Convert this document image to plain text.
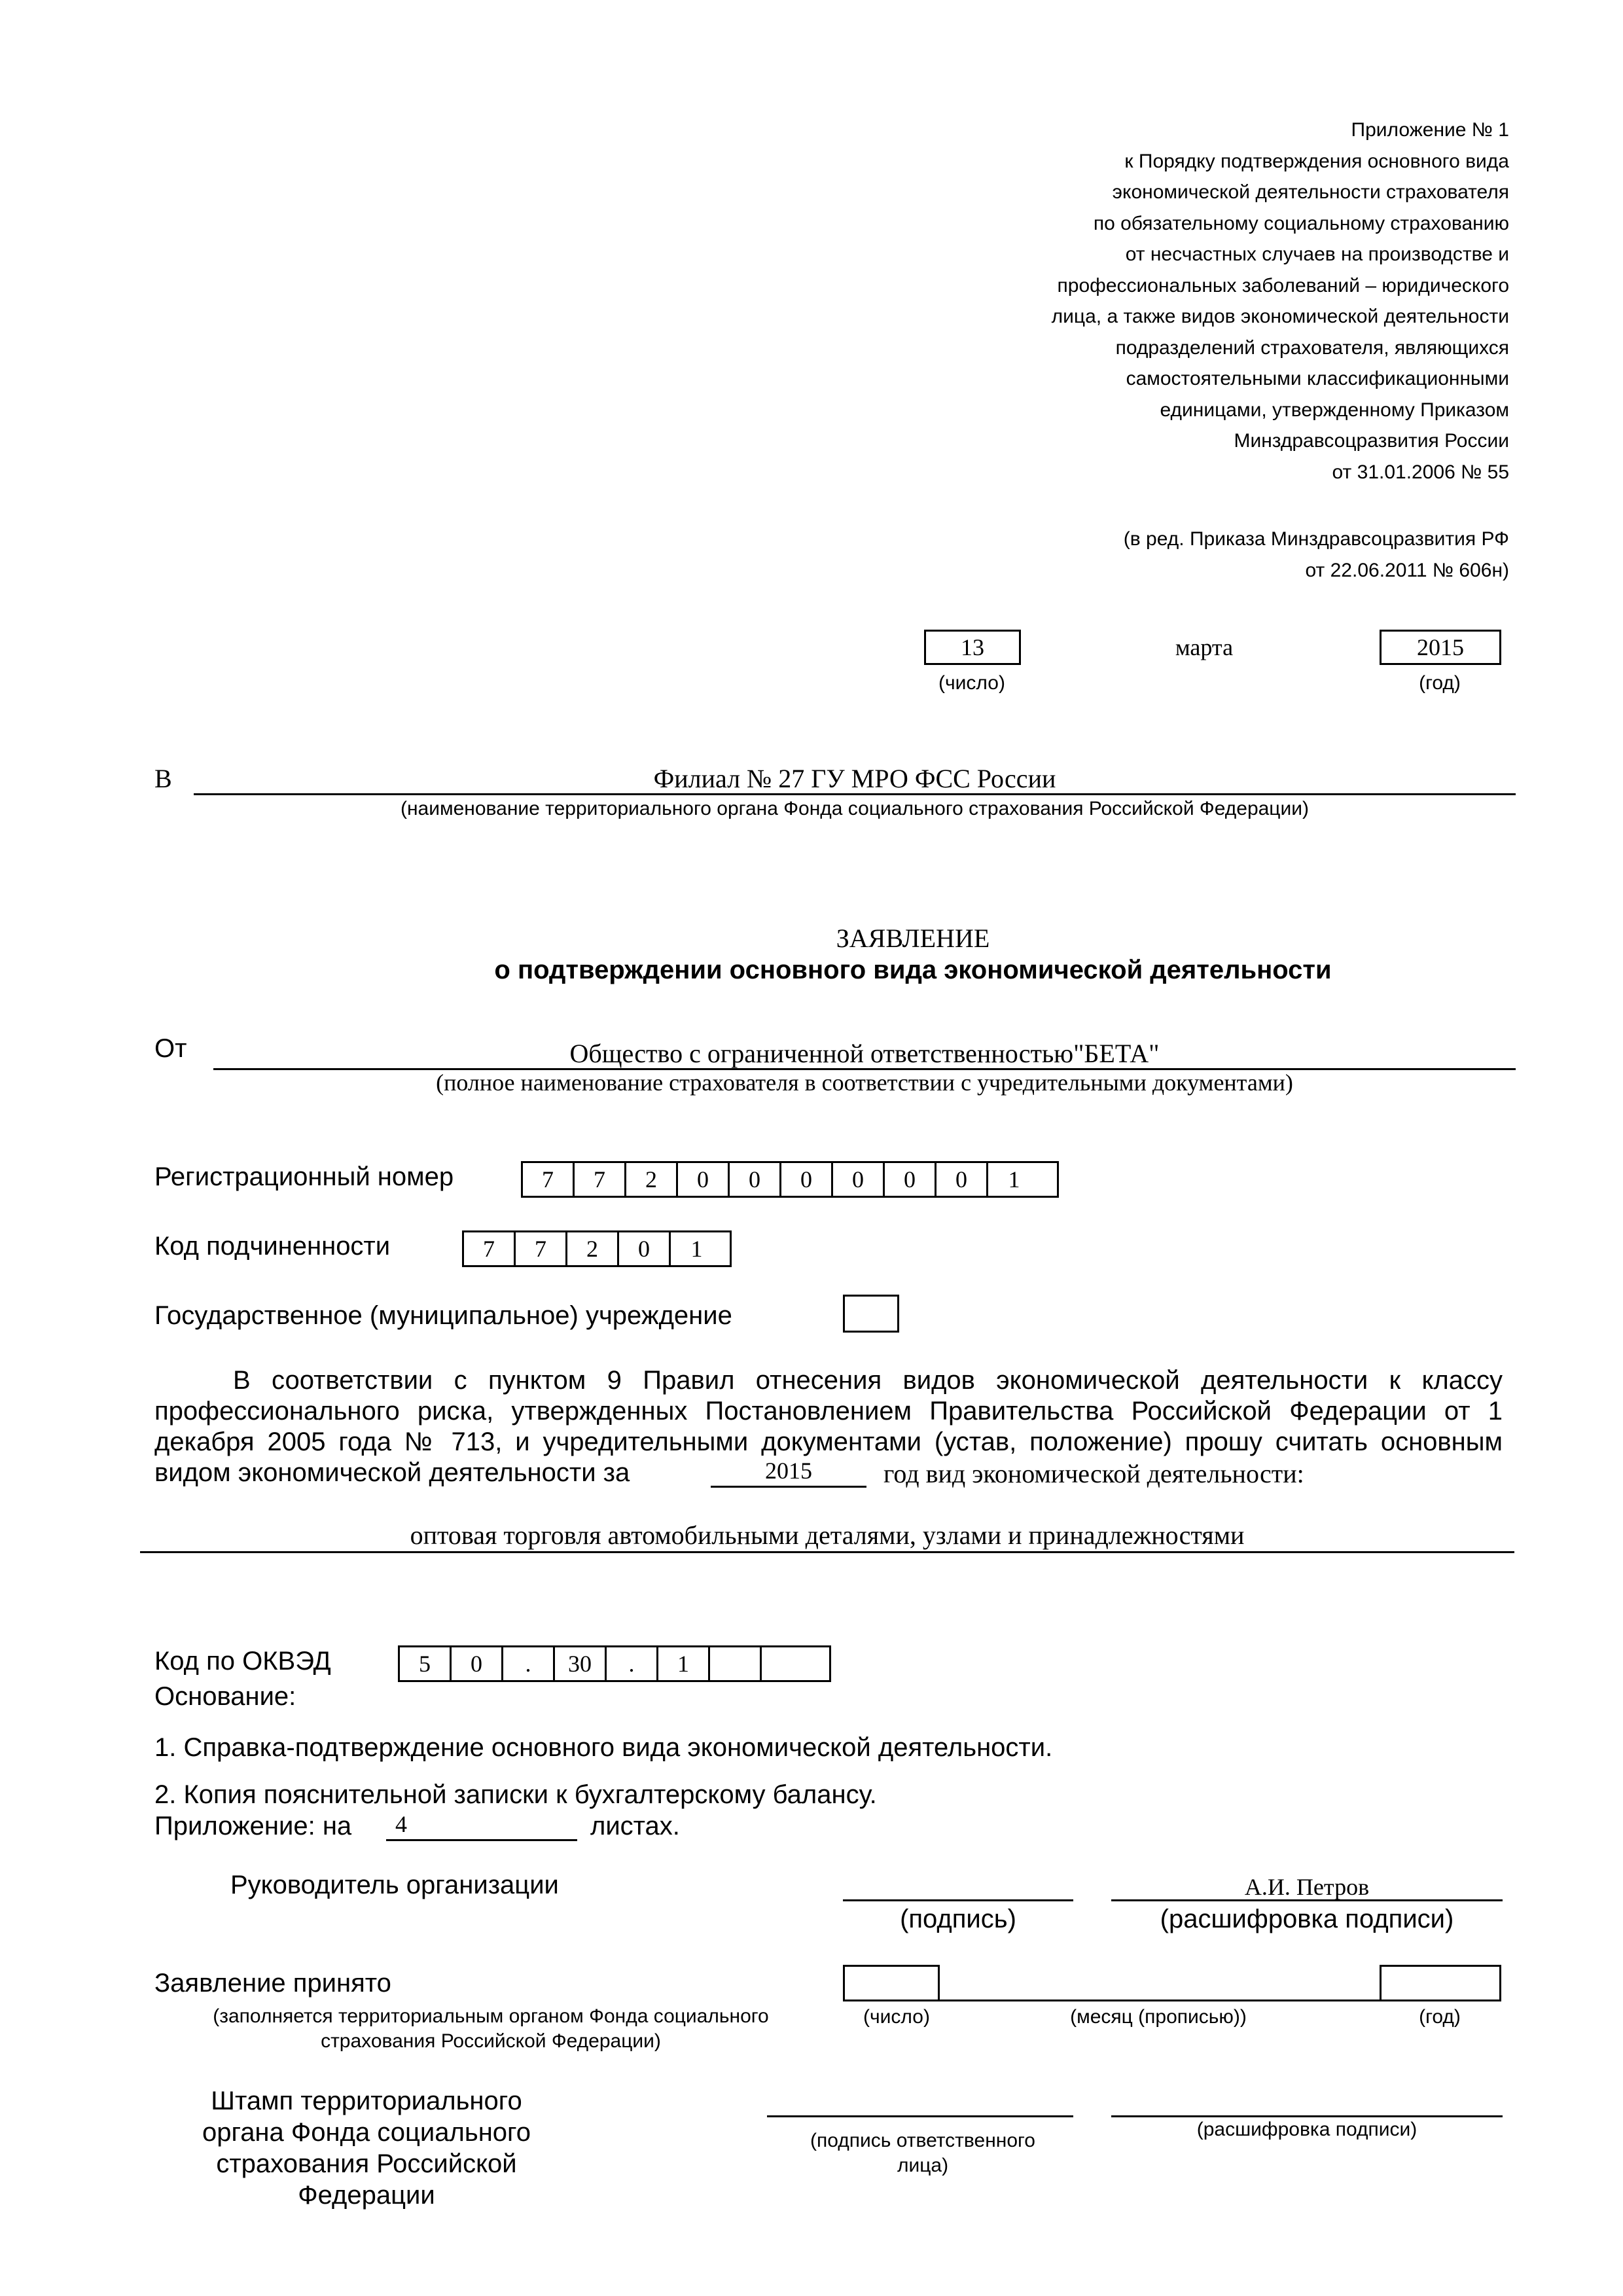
Приложение № 1
к Порядку подтверждения основного вида
экономической деятельности страхователя
по обязательному социальному страхованию
от несчастных случаев на производстве и
профессиональных заболеваний – юридического
лица, а также видов экономической деятельности
подразделений страхователя, являющихся
самостоятельными классификационными
единицами, утвержденному Приказом
Минздравсоцразвития России
от 31.01.2006 № 55
(в ред. Приказа Минздравсоцразвития РФ
от 22.06.2011 № 606н)
13	марта	2015
(число)	(год)
В	Филиал № 27 ГУ МРО ФСС России
(наименование территориального органа Фонда социального страхования Российской Федерации)
ЗАЯВЛЕНИЕ
о подтверждении основного вида экономической деятельности
От	Общество с ограниченной ответственностью"БЕТА"
(полное наименование страхователя в соответствии с учредительными документами)
Регистрационный номер	7	7	2	0	0	0	0	0	0	1
Код подчиненности	7	7	2	0	1
Государственное (муниципальное) учреждение
В соответствии с пунктом 9 Правил отнесения видов экономической деятельности к классу профессионального риска, утвержденных Постановлением Правительства Российской Федерации от 1 декабря 2005 года № 713, и учредительными документами (устав, положение) прошу считать основным
видом экономической деятельности за	2015	год вид экономической деятельности:
оптовая торговля автомобильными деталями, узлами и принадлежностями
Код по ОКВЭД	5	0	.	30	.	1
Основание:
1. Справка-подтверждение основного вида экономической деятельности.
2. Копия пояснительной записки к бухгалтерскому балансу.
Приложение: на	4	листах.
Руководитель организации	А.И. Петров
(подпись)	(расшифровка подписи)
Заявление принято
(заполняется территориальным органом Фонда социального страхования Российской Федерации)
(число)	(месяц (прописью))	(год)
Штамп территориального органа Фонда социального страхования Российской Федерации
(подпись ответственного лица)
(расшифровка подписи)
